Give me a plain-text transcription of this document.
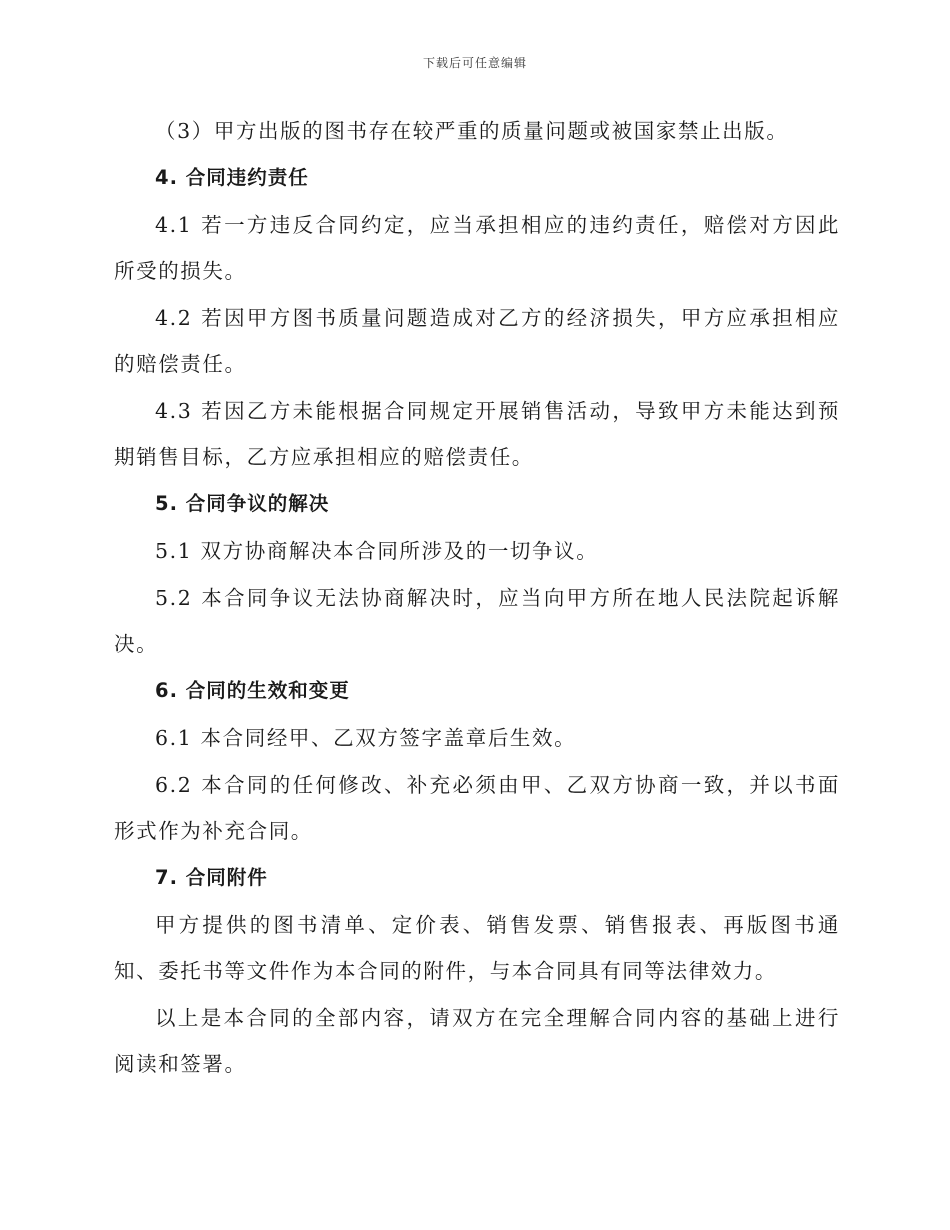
下载后可任意编辑

（3）甲方出版的图书存在较严重的质量问题或被国家禁止出版。

4. 合同违约责任

4.1 若一方违反合同约定，应当承担相应的违约责任，赔偿对方因此所受的损失。

4.2 若因甲方图书质量问题造成对乙方的经济损失，甲方应承担相应的赔偿责任。

4.3 若因乙方未能根据合同规定开展销售活动，导致甲方未能达到预期销售目标，乙方应承担相应的赔偿责任。

5. 合同争议的解决

5.1 双方协商解决本合同所涉及的一切争议。

5.2 本合同争议无法协商解决时，应当向甲方所在地人民法院起诉解决。

6. 合同的生效和变更

6.1 本合同经甲、乙双方签字盖章后生效。

6.2 本合同的任何修改、补充必须由甲、乙双方协商一致，并以书面形式作为补充合同。

7. 合同附件

甲方提供的图书清单、定价表、销售发票、销售报表、再版图书通知、委托书等文件作为本合同的附件，与本合同具有同等法律效力。

以上是本合同的全部内容，请双方在完全理解合同内容的基础上进行阅读和签署。
